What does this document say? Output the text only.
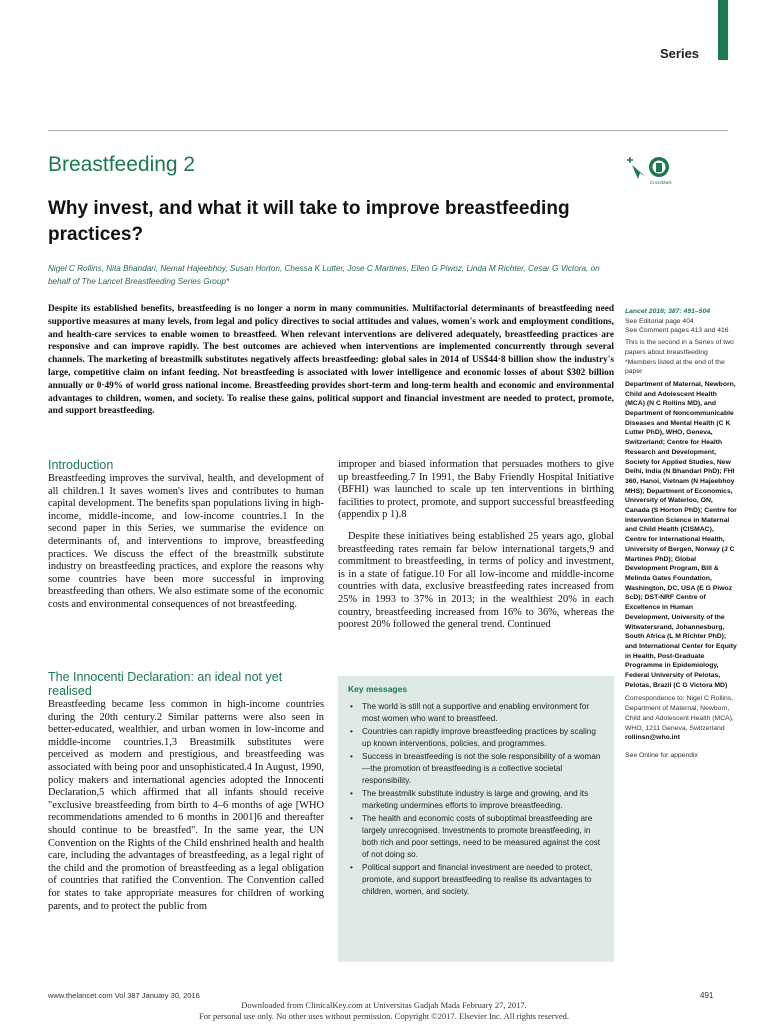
Series
Breastfeeding 2
Why invest, and what it will take to improve breastfeeding practices?
CrossMark
Nigel C Rollins, Nita Bhandari, Nemat Hajeebhoy, Susan Horton, Chessa K Lutter, Jose C Martines, Ellen G Piwoz, Linda M Richter, Cesar G Victora, on behalf of The Lancet Breastfeeding Series Group*
Despite its established benefits, breastfeeding is no longer a norm in many communities. Multifactorial determinants of breastfeeding need supportive measures at many levels, from legal and policy directives to social attitudes and values, women's work and employment conditions, and health-care services to enable women to breastfeed. When relevant interventions are delivered adequately, breastfeeding practices are responsive and can improve rapidly. The best outcomes are achieved when interventions are implemented concurrently through several channels. The marketing of breastmilk substitutes negatively affects breastfeeding: global sales in 2014 of US$44·8 billion show the industry's large, competitive claim on infant feeding. Not breastfeeding is associated with lower intelligence and economic losses of about $302 billion annually or 0·49% of world gross national income. Breastfeeding provides short-term and long-term health and economic and environmental advantages to children, women, and society. To realise these gains, political support and financial investment are needed to protect, promote, and support breastfeeding.
Lancet 2016; 387: 491–504
See Editorial page 404
See Comment pages 413 and 416
This is the second in a Series of two papers about breastfeeding
*Members listed at the end of the paper
Department of Maternal, Newborn, Child and Adolescent Health (MCA) (N C Rollins MD), and Department of Noncommunicable Diseases and Mental Health (C K Lutter PhD), WHO, Geneva, Switzerland; Centre for Health Research and Development, Society for Applied Studies, New Delhi, India (N Bhandari PhD); FHI 360, Hanoi, Vietnam (N Hajeebhoy MHS); Department of Economics, University of Waterloo, ON, Canada (S Horton PhD); Centre for Intervention Science in Maternal and Child Health (CISMAC), Centre for International Health, University of Bergen, Norway (J C Martines PhD); Global Development Program, Bill & Melinda Gates Foundation, Washington, DC, USA (E G Piwoz ScD); DST-NRF Centre of Excellence in Human Development, University of the Witwatersrand, Johannesburg, South Africa (L M Richter PhD); and International Center for Equity in Health, Post-Graduate Programme in Epidemiology, Federal University of Pelotas, Pelotas, Brazil (C G Victora MD)
Correspondence to: Nigel C Rollins, Department of Maternal, Newborn, Child and Adolescent Health (MCA), WHO, 1211 Geneva, Switzerland
rollinsn@who.int
See Online for appendix
Introduction
Breastfeeding improves the survival, health, and development of all children.1 It saves women's lives and contributes to human capital development. The benefits span populations living in high-income, middle-income, and low-income countries.1 In the second paper in this Series, we summarise the evidence on determinants of, and interventions to improve, breastfeeding practices. We discuss the effect of the breastmilk substitute industry on breastfeeding practices, and explore the reasons why some countries have been more successful in improving breastfeeding than others. We also estimate some of the economic costs and environmental consequences of not breastfeeding.
The Innocenti Declaration: an ideal not yet realised
Breastfeeding became less common in high-income countries during the 20th century.2 Similar patterns were also seen in better-educated, wealthier, and urban women in low-income and middle-income countries.1,3 Breastmilk substitutes were perceived as modern and prestigious, and breastfeeding was associated with being poor and unsophisticated.4 In August, 1990, policy makers and international agencies adopted the Innocenti Declaration,5 which affirmed that all infants should receive "exclusive breastfeeding from birth to 4–6 months of age [WHO recommendations amended to 6 months in 2001]6 and thereafter should continue to be breastfed". In the same year, the UN Convention on the Rights of the Child enshrined health and health care, including the advantages of breastfeeding, as a legal right of the child and the promotion of breastfeeding as a legal obligation of countries that ratified the Convention. The Convention called for states to take appropriate measures for children of working parents, and to protect the public from
improper and biased information that persuades mothers to give up breastfeeding.7 In 1991, the Baby Friendly Hospital Initiative (BFHI) was launched to scale up ten interventions in birthing facilities to protect, promote, and support successful breastfeeding (appendix p 1).8
Despite these initiatives being established 25 years ago, global breastfeeding rates remain far below international targets,9 and commitment to breastfeeding, in terms of policy and investment, is in a state of fatigue.10 For all low-income and middle-income countries with data, exclusive breastfeeding rates increased from 25% in 1993 to 37% in 2013; in the wealthiest 20% in each country, breastfeeding increased from 16% to 36%, whereas the poorest 20% followed the general trend. Continued
Key messages
• The world is still not a supportive and enabling environment for most women who want to breastfeed.
• Countries can rapidly improve breastfeeding practices by scaling up known interventions, policies, and programmes.
• Success in breastfeeding is not the sole responsibility of a woman—the promotion of breastfeeding is a collective societal responsibility.
• The breastmilk substitute industry is large and growing, and its marketing undermines efforts to improve breastfeeding.
• The health and economic costs of suboptimal breastfeeding are largely unrecognised. Investments to promote breastfeeding, in both rich and poor settings, need to be measured against the cost of not doing so.
• Political support and financial investment are needed to protect, promote, and support breastfeeding to realise its advantages to children, women, and society.
www.thelancet.com Vol 387 January 30, 2016	491
Downloaded from ClinicalKey.com at Universitas Gadjah Mada February 27, 2017.
For personal use only. No other uses without permission. Copyright ©2017. Elsevier Inc. All rights reserved.
